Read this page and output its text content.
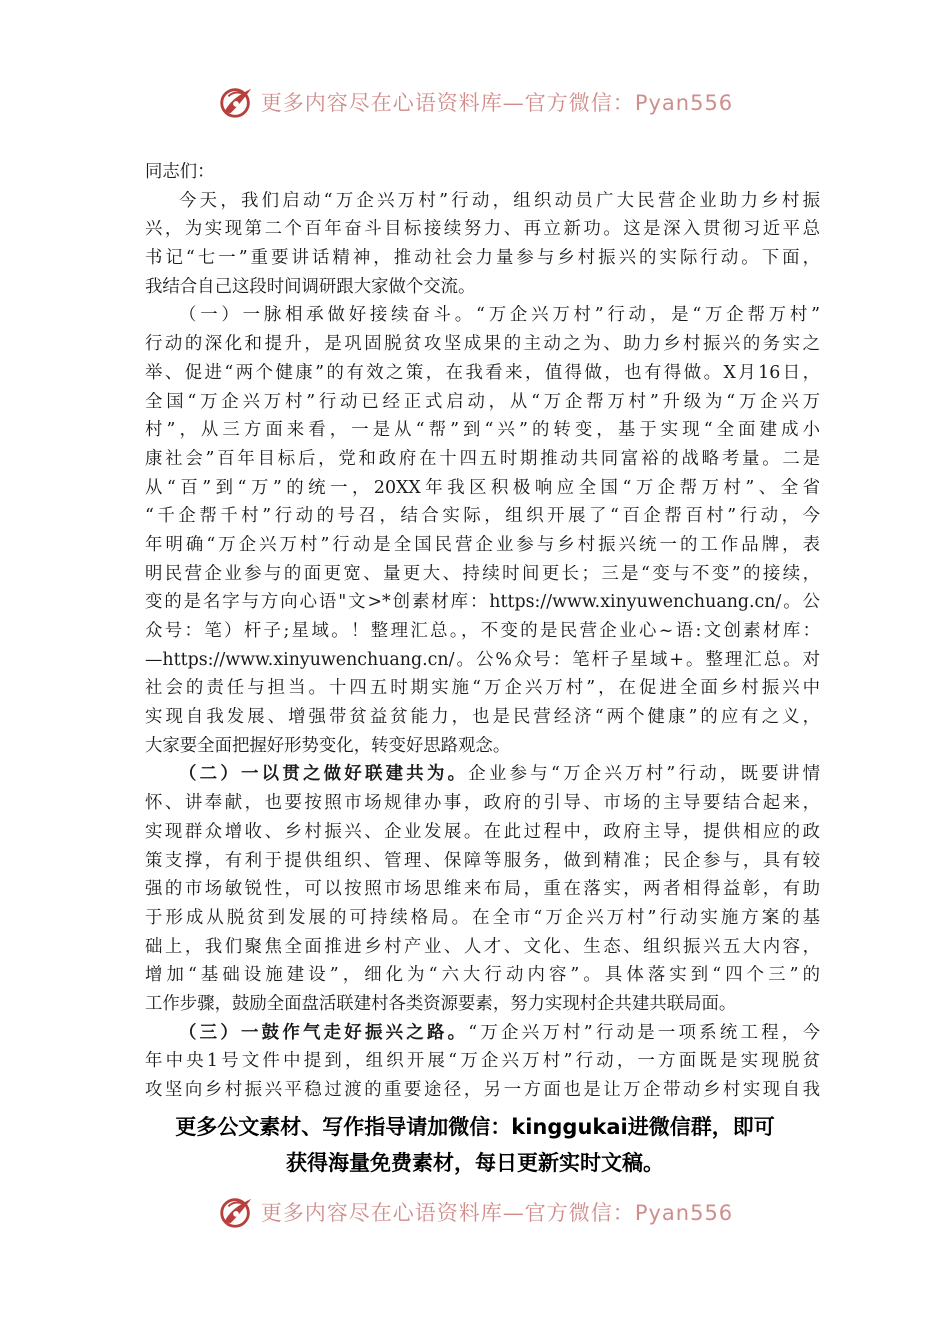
更多内容尽在心语资料库—官方微信：Pyan556
同志们：
今天，我们启动“万企兴万村”行动，组织动员广大民营企业助力乡村振
兴，为实现第二个百年奋斗目标接续努力、再立新功。这是深入贯彻习近平总
书记“七一”重要讲话精神，推动社会力量参与乡村振兴的实际行动。下面，
我结合自己这段时间调研跟大家做个交流。
（一）一脉相承做好接续奋斗。“万企兴万村”行动，是“万企帮万村”
行动的深化和提升，是巩固脱贫攻坚成果的主动之为、助力乡村振兴的务实之
举、促进“两个健康”的有效之策，在我看来，值得做，也有得做。X月16日，
全国“万企兴万村”行动已经正式启动，从“万企帮万村”升级为“万企兴万
村”，从三方面来看，一是从“帮”到“兴”的转变，基于实现“全面建成小
康社会”百年目标后，党和政府在十四五时期推动共同富裕的战略考量。二是
从“百”到“万”的统一，20XX年我区积极响应全国“万企帮万村”、全省
“千企帮千村”行动的号召，结合实际，组织开展了“百企帮百村”行动，今
年明确“万企兴万村”行动是全国民营企业参与乡村振兴统一的工作品牌，表
明民营企业参与的面更宽、量更大、持续时间更长；三是“变与不变”的接续，
变的是名字与方向心语"文>*创素材库：https://www.xinyuwenchuang.cn/。公
众号：笔）杆子;星域。！整理汇总。，不变的是民营企业心~语:文创素材库：
—https://www.xinyuwenchuang.cn/。公%众号：笔杆子星域+。整理汇总。对
社会的责任与担当。十四五时期实施“万企兴万村”，在促进全面乡村振兴中
实现自我发展、增强带贫益贫能力，也是民营经济“两个健康”的应有之义，
大家要全面把握好形势变化，转变好思路观念。
（二）一以贯之做好联建共为。企业参与“万企兴万村”行动，既要讲情
怀、讲奉献，也要按照市场规律办事，政府的引导、市场的主导要结合起来，
实现群众增收、乡村振兴、企业发展。在此过程中，政府主导，提供相应的政
策支撑，有利于提供组织、管理、保障等服务，做到精准；民企参与，具有较
强的市场敏锐性，可以按照市场思维来布局，重在落实，两者相得益彰，有助
于形成从脱贫到发展的可持续格局。在全市“万企兴万村”行动实施方案的基
础上，我们聚焦全面推进乡村产业、人才、文化、生态、组织振兴五大内容，
增加“基础设施建设”，细化为“六大行动内容”。具体落实到“四个三”的
工作步骤，鼓励全面盘活联建村各类资源要素，努力实现村企共建共联局面。
（三）一鼓作气走好振兴之路。“万企兴万村”行动是一项系统工程，今
年中央1号文件中提到，组织开展“万企兴万村”行动，一方面既是实现脱贫
攻坚向乡村振兴平稳过渡的重要途径，另一方面也是让万企带动乡村实现自我
更多公文素材、写作指导请加微信：kinggukai进微信群，即可
获得海量免费素材，每日更新实时文稿。
更多内容尽在心语资料库—官方微信：Pyan556
